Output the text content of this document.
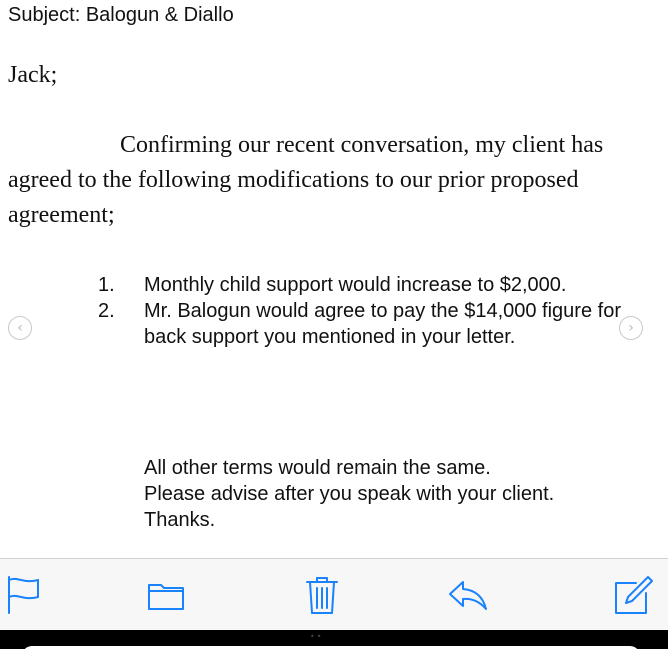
Subject: Balogun & Diallo
Jack;
Confirming our recent conversation, my client has agreed to the following modifications to our prior proposed agreement;
1. Monthly child support would increase to $2,000.
2. Mr. Balogun would agree to pay the $14,000 figure for back support you mentioned in your letter.
All other terms would remain the same.
Please advise after you speak with your client.
Thanks.
‹	›
••
